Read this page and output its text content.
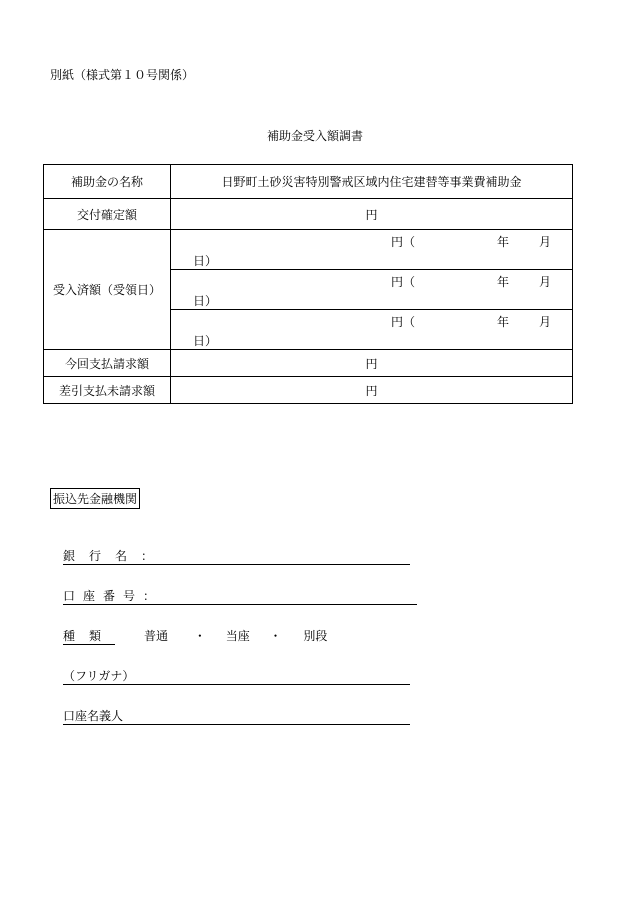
別紙（様式第１０号関係）
補助金受入額調書
補助金の名称	日野町土砂災害特別警戒区域内住宅建替等事業費補助金
交付確定額	円
受入済額（受領日）	円（ 年 月
日）

	円（ 年 月
日）

	円（ 年 月
日）

今回支払請求額	円
差引支払未請求額	円
振込先金融機関
銀行名：
口座番号：
種類 普通 ・ 当座 ・ 別段
（フリガナ）
口座名義人
